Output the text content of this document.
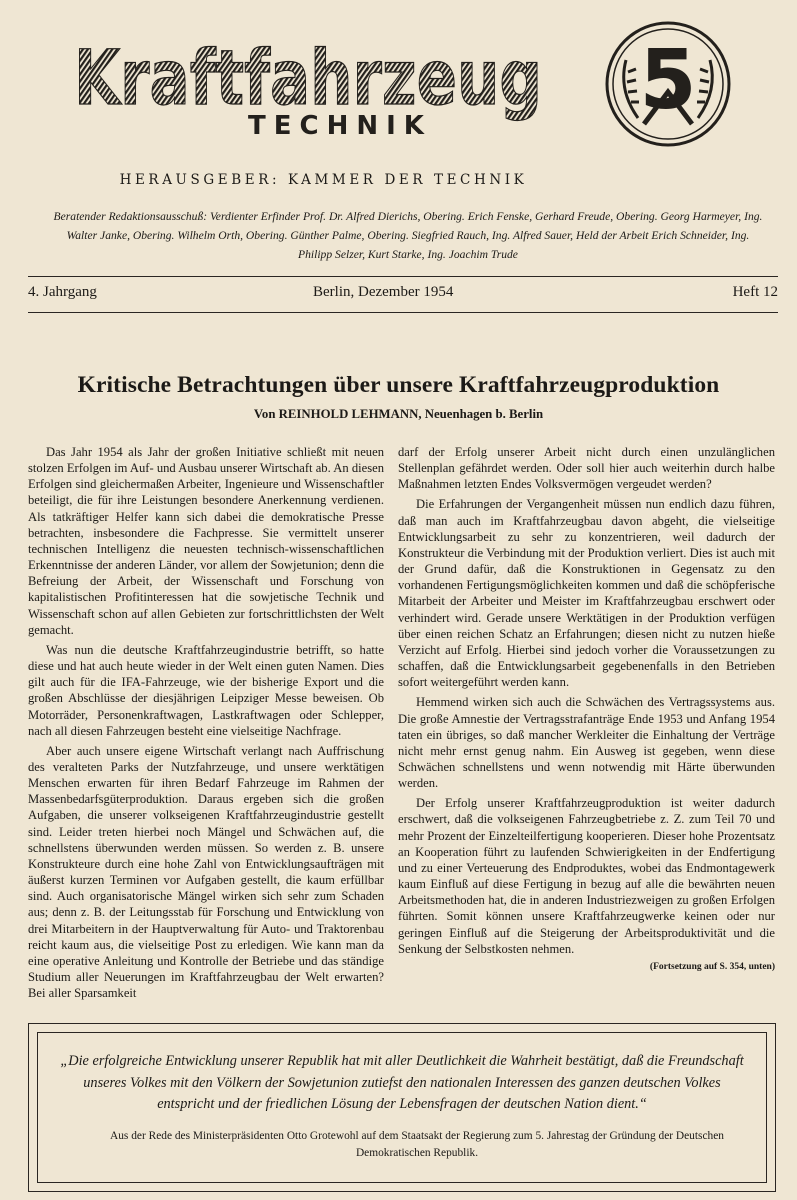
Kraftfahrzeug
TECHNIK	5
HERAUSGEBER: KAMMER DER TECHNIK
Beratender Redaktionsausschuß: Verdienter Erfinder Prof. Dr. Alfred Dierichs, Obering. Erich Fenske, Gerhard Freude, Obering. Georg Harmeyer, Ing. Walter Janke, Obering. Wilhelm Orth, Obering. Günther Palme, Obering. Siegfried Rauch, Ing. Alfred Sauer, Held der Arbeit Erich Schneider, Ing. Philipp Selzer, Kurt Starke, Ing. Joachim Trude
4. Jahrgang	Berlin, Dezember 1954	Heft 12
Kritische Betrachtungen über unsere Kraftfahrzeugproduktion
Von REINHOLD LEHMANN, Neuenhagen b. Berlin

Das Jahr 1954 als Jahr der großen Initiative schließt mit neuen stolzen Erfolgen im Auf- und Ausbau unserer Wirtschaft ab. An diesen Erfolgen sind gleichermaßen Arbeiter, Ingenieure und Wissenschaftler beteiligt, die für ihre Leistungen besondere Anerkennung verdienen. Als tatkräftiger Helfer kann sich dabei die demokratische Presse betrachten, insbesondere die Fachpresse. Sie vermittelt unserer technischen Intelligenz die neuesten technisch-wissenschaftlichen Erkenntnisse der anderen Länder, vor allem der Sowjetunion; denn die Befreiung der Arbeit, der Wissenschaft und Forschung von kapitalistischen Profitinteressen hat die sowjetische Technik und Wissenschaft schon auf allen Gebieten zur fortschrittlichsten der Welt gemacht.

Was nun die deutsche Kraftfahrzeugindustrie betrifft, so hatte diese und hat auch heute wieder in der Welt einen guten Namen. Dies gilt auch für die IFA-Fahrzeuge, wie der bisherige Export und die großen Abschlüsse der diesjährigen Leipziger Messe beweisen. Ob Motorräder, Personenkraftwagen, Lastkraftwagen oder Schlepper, nach all diesen Fahrzeugen besteht eine vielseitige Nachfrage.

Aber auch unsere eigene Wirtschaft verlangt nach Auffrischung des veralteten Parks der Nutzfahrzeuge, und unsere werktätigen Menschen erwarten für ihren Bedarf Fahrzeuge im Rahmen der Massenbedarfsgüterproduktion. Daraus ergeben sich die großen Aufgaben, die unserer volkseigenen Kraftfahrzeugindustrie gestellt sind. Leider treten hierbei noch Mängel und Schwächen auf, die schnellstens überwunden werden müssen. So werden z. B. unsere Konstrukteure durch eine hohe Zahl von Entwicklungsaufträgen mit äußerst kurzen Terminen vor Aufgaben gestellt, die kaum erfüllbar sind. Auch organisatorische Mängel wirken sich sehr zum Schaden aus; denn z. B. der Leitungsstab für Forschung und Entwicklung von drei Mitarbeitern in der Hauptverwaltung für Auto- und Traktorenbau reicht kaum aus, die vielseitige Post zu erledigen. Wie kann man da eine operative Anleitung und Kontrolle der Betriebe und das ständige Studium aller Neuerungen im Kraftfahrzeugbau der Welt erwarten? Bei aller Sparsamkeit

darf der Erfolg unserer Arbeit nicht durch einen unzulänglichen Stellenplan gefährdet werden. Oder soll hier auch weiterhin durch halbe Maßnahmen letzten Endes Volksvermögen vergeudet werden?

Die Erfahrungen der Vergangenheit müssen nun endlich dazu führen, daß man auch im Kraftfahrzeugbau davon abgeht, die vielseitige Entwicklungsarbeit zu sehr zu konzentrieren, weil dadurch der Konstrukteur die Verbindung mit der Produktion verliert. Dies ist auch mit der Grund dafür, daß die Konstruktionen in Gegensatz zu den vorhandenen Fertigungsmöglichkeiten kommen und daß die schöpferische Mitarbeit der Arbeiter und Meister im Kraftfahrzeugbau erschwert oder verhindert wird. Gerade unsere Werktätigen in der Produktion verfügen über einen reichen Schatz an Erfahrungen; diesen nicht zu nutzen hieße Verzicht auf Erfolg. Hierbei sind jedoch vorher die Voraussetzungen zu schaffen, daß die Entwicklungsarbeit gegebenenfalls in den Betrieben sofort weitergeführt werden kann.

Hemmend wirken sich auch die Schwächen des Vertragssystems aus. Die große Amnestie der Vertragsstrafanträge Ende 1953 und Anfang 1954 taten ein übriges, so daß mancher Werkleiter die Einhaltung der Verträge nicht mehr ernst genug nahm. Ein Ausweg ist gegeben, wenn diese Schwächen schnellstens und wenn notwendig mit Härte überwunden werden.

Der Erfolg unserer Kraftfahrzeugproduktion ist weiter dadurch erschwert, daß die volkseigenen Fahrzeugbetriebe z. Z. zum Teil 70 und mehr Prozent der Einzelteilfertigung kooperieren. Dieser hohe Prozentsatz an Kooperation führt zu laufenden Schwierigkeiten in der Endfertigung und zu einer Verteuerung des Endproduktes, wobei das Endmontagewerk kaum Einfluß auf diese Fertigung in bezug auf alle die bewährten neuen Arbeitsmethoden hat, die in anderen Industriezweigen zu großen Erfolgen führten. Somit können unsere Kraftfahrzeugwerke keinen oder nur geringen Einfluß auf die Steigerung der Arbeitsproduktivität und die Senkung der Selbstkosten nehmen.

(Fortsetzung auf S. 354, unten)
„Die erfolgreiche Entwicklung unserer Republik hat mit aller Deutlichkeit die Wahrheit bestätigt, daß die Freundschaft unseres Volkes mit den Völkern der Sowjetunion zutiefst den nationalen Interessen des ganzen deutschen Volkes entspricht und der friedlichen Lösung der Lebensfragen der deutschen Nation dient.“
Aus der Rede des Ministerpräsidenten Otto Grotewohl auf dem Staatsakt der Regierung zum 5. Jahrestag der Gründung der Deutschen Demokratischen Republik.
